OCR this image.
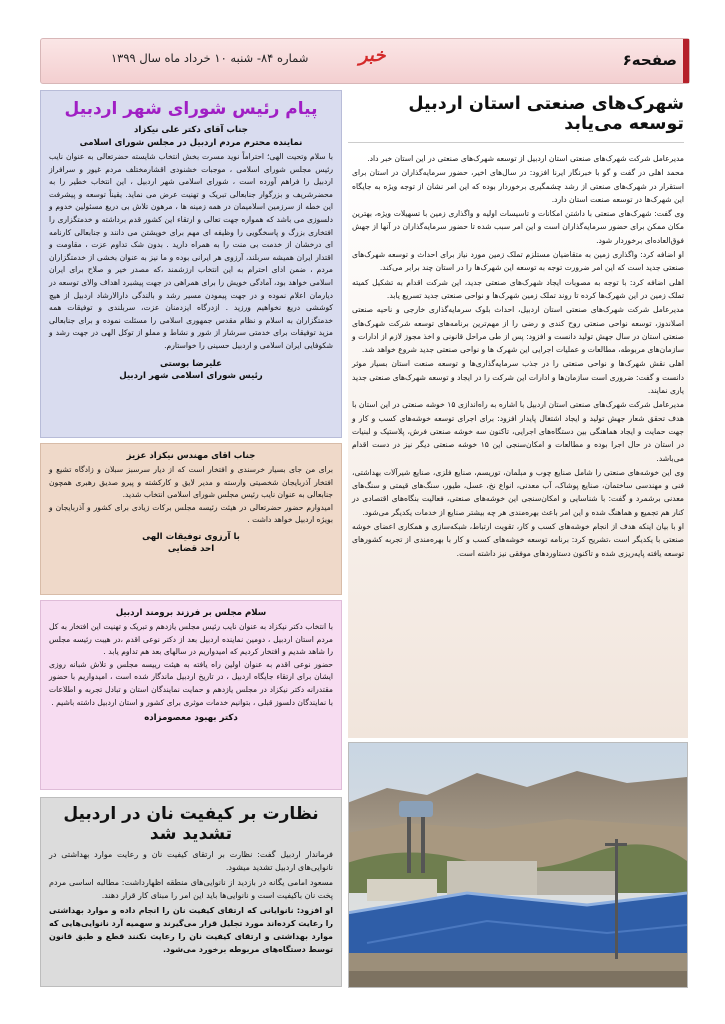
صفحه۶
خبر
شماره ۸۴- شنبه ۱۰ خرداد ماه سال ۱۳۹۹
شهرک‌های صنعتی استان اردبیل توسعه می‌یابد

مدیرعامل شرکت شهرک‌های صنعتی استان اردبیل از توسعه شهرک‌های صنعتی در این استان خبر داد.

محمد اهلی در گفت و گو با خبرنگار ایرنا افزود: در سال‌های اخیر، حضور سرمایه‌گذاران در استان برای استقرار در شهرک‌های صنعتی از رشد چشمگیری برخوردار بوده که این امر نشان از توجه ویژه به جایگاه این شهرک‌ها در توسعه صنعت استان دارد.

وی گفت: شهرک‌های صنعتی با داشتن امکانات و تاسیسات اولیه و واگذاری زمین با تسهیلات ویژه، بهترین مکان ممکن برای حضور سرمایه‌گذاران است و این امر سبب شده تا حضور سرمایه‌گذاران در آنها از جهش فوق‌العاده‌ای برخوردار شود.

او اضافه کرد: واگذاری زمین به متقاضیان مستلزم تملک زمین مورد نیاز برای احداث و توسعه شهرک‌های صنعتی جدید است که این امر ضرورت توجه به توسعه این شهرک‌ها را در استان چند برابر می‌کند.

اهلی اضافه کرد: با توجه به مصوبات ایجاد شهرک‌های صنعتی جدید، این شرکت اقدام به تشکیل کمیته تملک زمین در این شهرک‌ها کرده تا روند تملک زمین شهرک‌ها و نواحی صنعتی جدید تسریع یابد.

مدیرعامل شرکت شهرک‌های صنعتی استان اردبیل، احداث بلوک سرمایه‌گذاری خارجی و ناحیه صنعتی اصلاندوز، توسعه نواحی صنعتی روح کندی و رضی را از مهم‌ترین برنامه‌های توسعه شرکت شهرک‌های صنعتی استان در سال جهش تولید دانست و افزود: پس از طی مراحل قانونی و اخذ مجوز لازم از ادارات و سازمان‌های مربوطه، مطالعات و عملیات اجرایی این شهرک ها و نواحی صنعتی جدید شروع خواهد شد.

اهلی نقش شهرک‌ها و نواحی صنعتی را در جذب سرمایه‌گذاری‌ها و توسعه صنعت استان بسیار موثر دانست و گفت: ضروری است سازمان‌ها و ادارات این شرکت را در ایجاد و توسعه شهرک‌های صنعتی جدید یاری نمایند.

مدیرعامل شرکت شهرک‌های صنعتی استان اردبیل با اشاره به راه‌اندازی ۱۵ خوشه صنعتی در این استان با هدف تحقق شعار جهش تولید و ایجاد اشتغال پایدار افزود: برای اجرای توسعه خوشه‌های کسب و کار و جهت حمایت و ایجاد هماهنگی بین دستگاه‌های اجرایی، تاکنون سه خوشه صنعتی فرش، پلاستیک و لبنیات در استان در حال اجرا بوده و مطالعات و امکان‌سنجی این ۱۵ خوشه صنعتی دیگر نیز در دست اقدام می‌باشد.

وی این خوشه‌های صنعتی را شامل صنایع چوب و مبلمان، توریسم، صنایع فلزی، صنایع شیرآلات بهداشتی، فنی و مهندسی ساختمان، صنایع پوشاک، آب معدنی، انواع نخ، عسل، طیور، سنگ‌های قیمتی و سنگ‌های معدنی برشمرد و گفت: با شناسایی و امکان‌سنجی این خوشه‌های صنعتی، فعالیت بنگاه‌های اقتصادی در کنار هم تجمیع و هماهنگ شده و این امر باعث بهره‌مندی هر چه بیشتر صنایع از خدمات یکدیگر می‌شود.

او با بیان اینکه هدف از انجام خوشه‌های کسب و کار، تقویت ارتباط، شبکه‌سازی و همکاری اعضای خوشه صنعتی با یکدیگر است ،تشریح کرد: برنامه توسعه خوشه‌های کسب و کار با بهره‌مندی از تجربه کشورهای توسعه یافته پایه‌ریزی شده و تاکنون دستاوردهای موفقی نیز داشته است.

پیام رئیس شورای شهر اردبیل
جناب آقای دکتر علی نیکزاد
نماینده محترم مردم اردبیل در مجلس شورای اسلامی
با سلام وتحیت الهی؛ احتراماً نوید مسرت بخش انتخاب شایسته حضرتعالی به عنوان نایب رئیس مجلس شورای اسلامی ، موجبات خشنودی اقشارمختلف مردم غیور و سرافراز اردبیل را فراهم آورده است ، شورای اسلامی شهر اردبیل ، این انتخاب خطیر را به محضرشریف و بزرگوار جنابعالی تبریک و تهنیت عرض می نماید. یقیناً توسعه و پیشرفت این خطه از سرزمین اسلامیمان در همه زمینه ها ، مرهون تلاش بی دریغ مسئولین خدوم و دلسوزی می باشد که همواره جهت تعالی و ارتقاء این کشور قدم برداشته و خدمتگزاری را افتخاری بزرگ و پاسخگویی را وظیفه ای مهم برای خویشتن می دانند و جنابعالی کارنامه ای درخشان از خدمت بی منت را به همراه دارید . بدون شک تداوم عزت ، مقاومت و اقتدار ایران همیشه سربلند، آرزوی هر ایرانی بوده و ما نیز به عنوان بخشی از خدمتگزاران مردم ، ضمن ادای احترام به این انتخاب ارزشمند ،که مصدر خیر و صلاح برای ایران اسلامی خواهد بود، آمادگی خویش را برای همراهی در جهت پیشبرد اهداف والای توسعه در دیارمان اعلام نموده و در جهت پیمودن مسیر رشد و بالندگی دارالارشاد اردبیل از هیچ کوششی دریغ نخواهیم ورزید . ازدرگاه ایزدمنان عزت، سربلندی و توفیقات همه خدمتگزاران به اسلام و نظام مقدس جمهوری اسلامی را مسئلت نموده و برای جنابعالی مزید توفیقات برای خدمتی سرشار از شور و نشاط و مملو از توکل الهی در جهت رشد و شکوفایی ایران اسلامی و اردبیل حسینی را خواستارم.
علیرضا بوستی
رئیس شورای اسلامی شهر اردبیل
جناب اقای مهندس نیکزاد عزیز
برای من جای بسیار خرسندی و افتخار است که از دیار سرسبز سبلان و زادگاه تشیع و افتخار آذربایجان شخصیتی وارسته و مدیر لایق و کارکشته و پیرو صدیق رهبری همچون جنابعالی به عنوان نایب رئیس مجلس شورای اسلامی انتخاب شدید.
امیدوارم حضور حضرتعالی در هیئت رئیسه مجلس برکات زیادی برای کشور و آذربایجان و بویژه اردبیل خواهد داشت .
با آرزوی توفیقات الهی
احد قضایی
سلام مجلس بر فرزند برومند اردبیل
با انتخاب دکتر نیکزاد به عنوان نایب رئیس مجلس یازدهم و تبریک و تهنیت این افتخار به کل مردم استان اردبیل ، دومین نماینده اردبیل بعد از دکتر نوعی اقدم ،در هیبت رئیسه مجلس را شاهد شدیم و افتخار کردیم که امیدواریم در سالهای بعد هم تداوم یابد .
حضور نوعی اقدم به عنوان اولین راه یافته به هیئت رییسه مجلس و تلاش شبانه روزی ایشان برای ارتقاء جایگاه اردبیل ، در تاریخ اردبیل ماندگار شده است ، امیدواریم با حضور مقتدرانه دکتر نیکزاد در مجلس یازدهم و حمایت نمایندگان استان و تبادل تجربه و اطلاعات با نمایندگان دلسوز قبلی ، بتوانیم خدمات موثری برای کشور و استان اردبیل داشته باشیم .
دکتر بهبود معصومزاده
نظارت بر کیفیت نان در اردبیل تشدید شد
فرماندار اردبیل گفت: نظارت بر ارتقای کیفیت نان و رعایت موارد بهداشتی در نانوایی‌های اردبیل تشدید میشود.
مسعود امامی یگانه در بازدید از نانوایی‌های منطقه اظهارداشت: مطالبه اساسی مردم پخت نان باکیفیت است و نانوایی‌ها باید این امر را مبنای کار قرار دهند.
او افزود: نانوایانی که ارتقای کیفیت نان را انجام داده و موارد بهداشتی را رعایت کرده‌اند مورد تجلیل قرار می‌گیرند و سهمیه آرد نانوایی‌هایی که موارد بهداشتی و ارتقای کیفیت نان را رعایت نکنند قطع و طبق قانون توسط دستگاه‌های مربوطه برخورد می‌شود.
